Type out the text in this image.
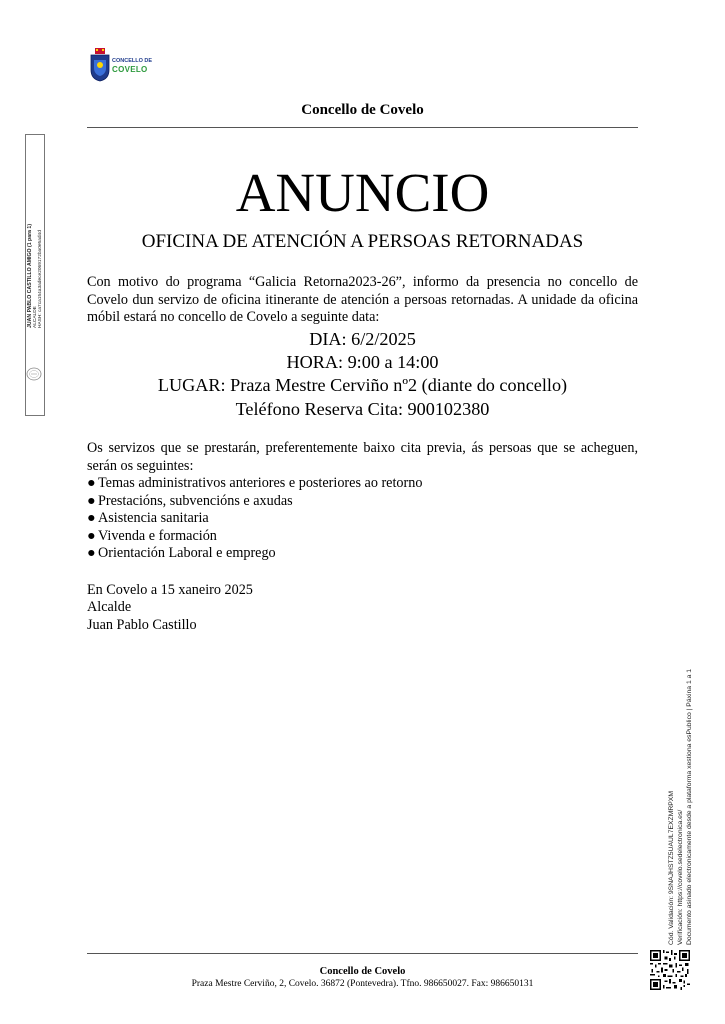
CONCELLO DE
COVELO
Concello de Covelo
ANUNCIO
OFICINA DE ATENCIÓN A PERSOAS RETORNADAS
Con motivo do programa “Galicia Retorna2023-26”, informo da presencia no concello de Covelo dun servizo de oficina itinerante de atención a persoas retornadas. A unidade da oficina móbil estará no concello de Covelo a seguinte data:
DIA: 6/2/2025
HORA: 9:00 a 14:00
LUGAR: Praza Mestre Cerviño nº2 (diante do concello)
Teléfono Reserva Cita: 900102380
Os servizos que se prestarán, preferentemente baixo cita previa, ás persoas que se acheguen, serán os seguintes:
● Temas administrativos anteriores e posteriores ao retorno
● Prestacións, subvencións e axudas
● Asistencia sanitaria
● Vivenda e formación
● Orientación Laboral e emprego
En Covelo a 15 xaneiro 2025
Alcalde
Juan Pablo Castillo
Concello de Covelo
Praza Mestre Cerviño, 2, Covelo. 36872 (Pontevedra). Tfno. 986650027. Fax: 986650131
JUAN PABLO CASTILLO AMIGO (1 para 1) ALCALDE HASH: ca7ca154a3adece2069172ba0e5ad4d
Cód. Validación: 9SNAJHSTZ5UAUL7EXZMRPXM Verificación: https://covelo.sedelectronica.es/ Documento asinado electronicamente desde a plataforma xestiona esPublico | Páxina 1 a 1
